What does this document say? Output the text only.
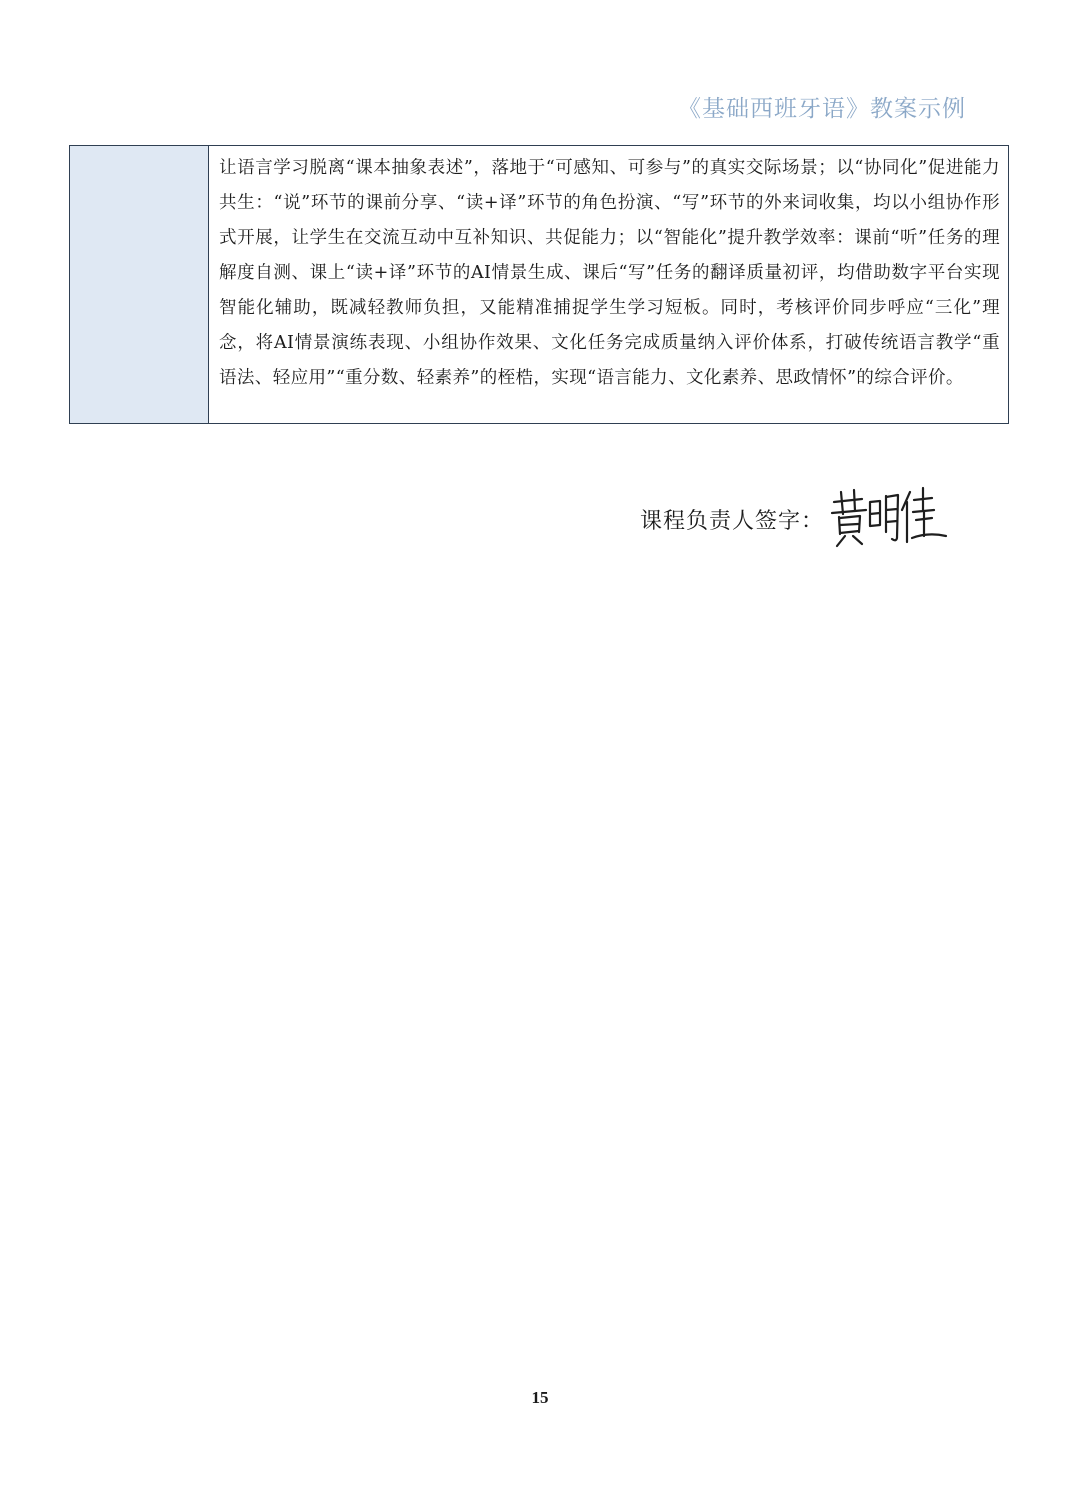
《基础西班牙语》教案示例

让语言学习脱离“课本抽象表述”，落地于“可感知、可参与”的真实交际场景；以“协同化”促进能力共生：“说”环节的课前分享、“读+译”环节的角色扮演、“写”环节的外来词收集，均以小组协作形式开展，让学生在交流互动中互补知识、共促能力；以“智能化”提升教学效率：课前“听”任务的理解度自测、课上“读+译”环节的AI情景生成、课后“写”任务的翻译质量初评，均借助数字平台实现智能化辅助，既减轻教师负担，又能精准捕捉学生学习短板。同时，考核评价同步呼应“三化”理念，将AI情景演练表现、小组协作效果、文化任务完成质量纳入评价体系，打破传统语言教学“重语法、轻应用”“重分数、轻素养”的桎梏，实现“语言能力、文化素养、思政情怀”的综合评价。

课程负责人签字：
15
